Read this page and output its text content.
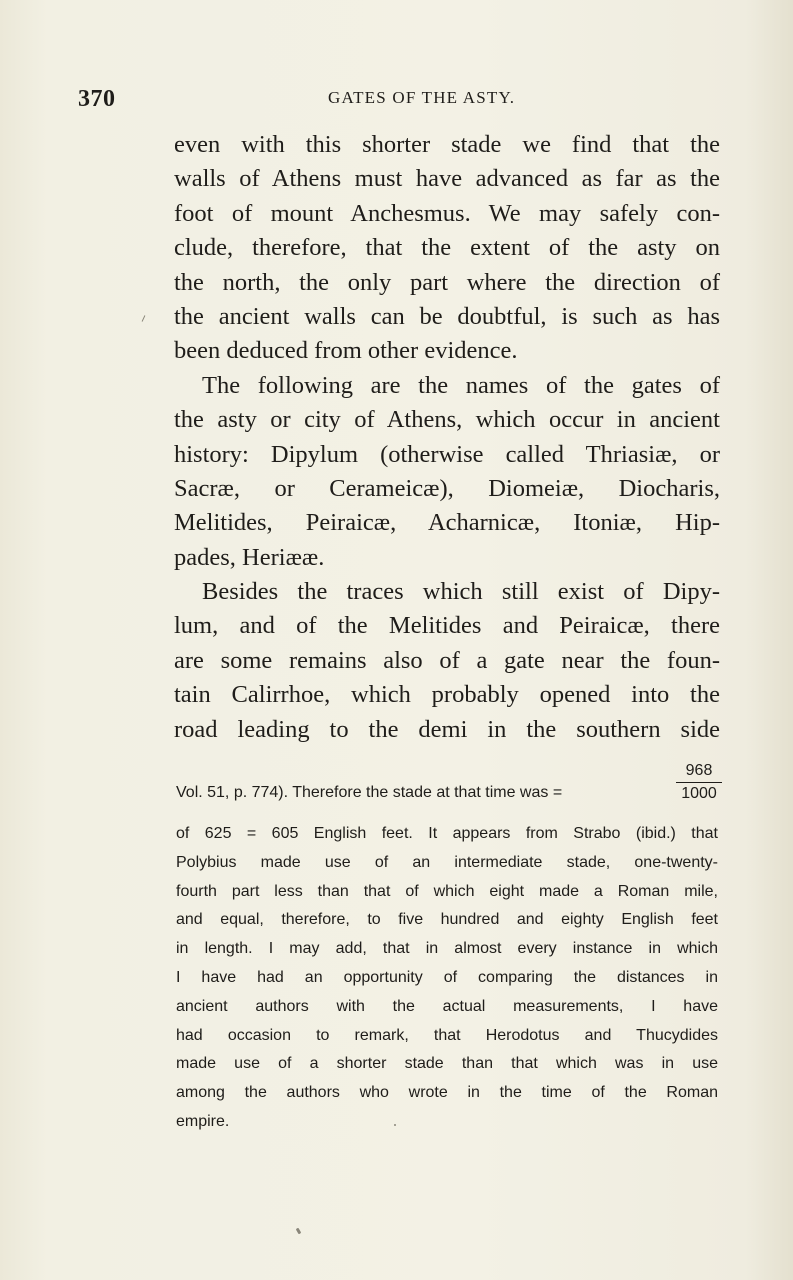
370	GATES OF THE ASTY.
even with this shorter stade we find that the
walls of Athens must have advanced as far as the
foot of mount Anchesmus. We may safely con-
clude, therefore, that the extent of the asty on
the north, the only part where the direction of
the ancient walls can be doubtful, is such as has
been deduced from other evidence.
The following are the names of the gates of
the asty or city of Athens, which occur in ancient
history: Dipylum (otherwise called Thriasiæ, or
Sacræ, or Cerameicæ), Diomeiæ, Diocharis,
Melitides, Peiraicæ, Acharnicæ, Itoniæ, Hip-
pades, Heriææ.
Besides the traces which still exist of Dipy-
lum, and of the Melitides and Peiraicæ, there
are some remains also of a gate near the foun-
tain Calirrhoe, which probably opened into the
road leading to the demi in the southern side
Vol. 51, p. 774). Therefore the stade at that time was =	$\frac{968}{1000}$
of 625 = 605 English feet. It appears from Strabo (ibid.) that
Polybius made use of an intermediate stade, one-twenty-
fourth part less than that of which eight made a Roman mile,
and equal, therefore, to five hundred and eighty English feet
in length. I may add, that in almost every instance in which
I have had an opportunity of comparing the distances in
ancient authors with the actual measurements, I have
had occasion to remark, that Herodotus and Thucydides
made use of a shorter stade than that which was in use
among the authors who wrote in the time of the Roman
empire.
